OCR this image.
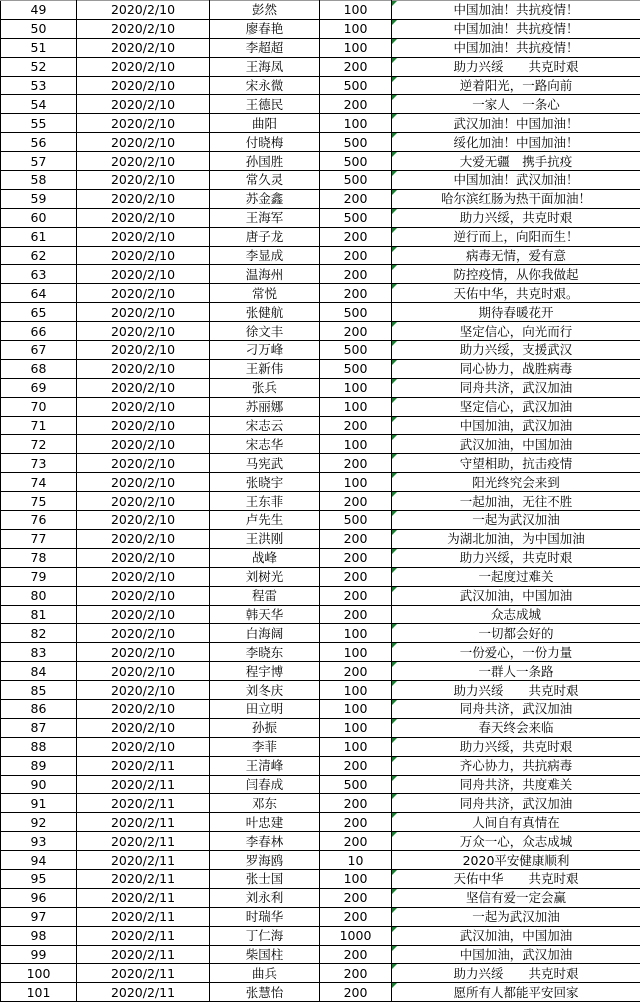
49	2020/2/10	彭然	100	中国加油！共抗疫情！
50	2020/2/10	廖春艳	100	中国加油！共抗疫情！
51	2020/2/10	李超超	100	中国加油！共抗疫情！
52	2020/2/10	王海凤	200	助力兴绥　　共克时艰
53	2020/2/10	宋永微	500	逆着阳光，一路向前
54	2020/2/10	王德民	200	一家人　一条心
55	2020/2/10	曲阳	100	武汉加油！中国加油！
56	2020/2/10	付晓梅	500	绥化加油！中国加油！
57	2020/2/10	孙国胜	500	大爱无疆　携手抗疫
58	2020/2/10	常久灵	500	中国加油！武汉加油！
59	2020/2/10	苏金鑫	200	哈尔滨红肠为热干面加油！
60	2020/2/10	王海军	500	助力兴绥，共克时艰
61	2020/2/10	唐子龙	200	逆行而上，向阳而生！
62	2020/2/10	李显成	200	病毒无情，爱有意
63	2020/2/10	温海州	200	防控疫情，从你我做起
64	2020/2/10	常悦	200	天佑中华，共克时艰。
65	2020/2/10	张健航	500	期待春暖花开
66	2020/2/10	徐文丰	200	坚定信心，向光而行
67	2020/2/10	刁万峰	500	助力兴绥，支援武汉
68	2020/2/10	王新伟	500	同心协力，战胜病毒
69	2020/2/10	张兵	100	同舟共济，武汉加油
70	2020/2/10	苏丽娜	100	坚定信心，武汉加油
71	2020/2/10	宋志云	200	中国加油，武汉加油
72	2020/2/10	宋志华	100	武汉加油，中国加油
73	2020/2/10	马宪武	200	守望相助，抗击疫情
74	2020/2/10	张晓宇	100	阳光终究会来到
75	2020/2/10	王东菲	200	一起加油，无往不胜
76	2020/2/10	卢先生	500	一起为武汉加油
77	2020/2/10	王洪刚	200	为湖北加油，为中国加油
78	2020/2/10	战峰	200	助力兴绥，共克时艰
79	2020/2/10	刘树光	200	一起度过难关
80	2020/2/10	程雷	200	武汉加油，中国加油
81	2020/2/10	韩天华	200	众志成城
82	2020/2/10	白海阔	100	一切都会好的
83	2020/2/10	李晓东	100	一份爱心，一份力量
84	2020/2/10	程宇博	200	一群人一条路
85	2020/2/10	刘冬庆	100	助力兴绥　　共克时艰
86	2020/2/10	田立明	100	同舟共济，武汉加油
87	2020/2/10	孙振	100	春天终会来临
88	2020/2/10	李菲	100	助力兴绥，共克时艰
89	2020/2/11	王清峰	200	齐心协力，共抗病毒
90	2020/2/11	闫春成	500	同舟共济，共度难关
91	2020/2/11	邓东	200	同舟共济，武汉加油
92	2020/2/11	叶忠建	200	人间自有真情在
93	2020/2/11	李春林	200	万众一心，众志成城
94	2020/2/11	罗海鸥	10	2020平安健康顺利
95	2020/2/11	张士国	100	天佑中华　　共克时艰
96	2020/2/11	刘永利	200	坚信有爱一定会赢
97	2020/2/11	时瑞华	200	一起为武汉加油
98	2020/2/11	丁仁海	1000	武汉加油，中国加油
99	2020/2/11	柴国柱	200	中国加油，武汉加油
100	2020/2/11	曲兵	200	助力兴绥　　共克时艰
101	2020/2/11	张慧怡	200	愿所有人都能平安回家
